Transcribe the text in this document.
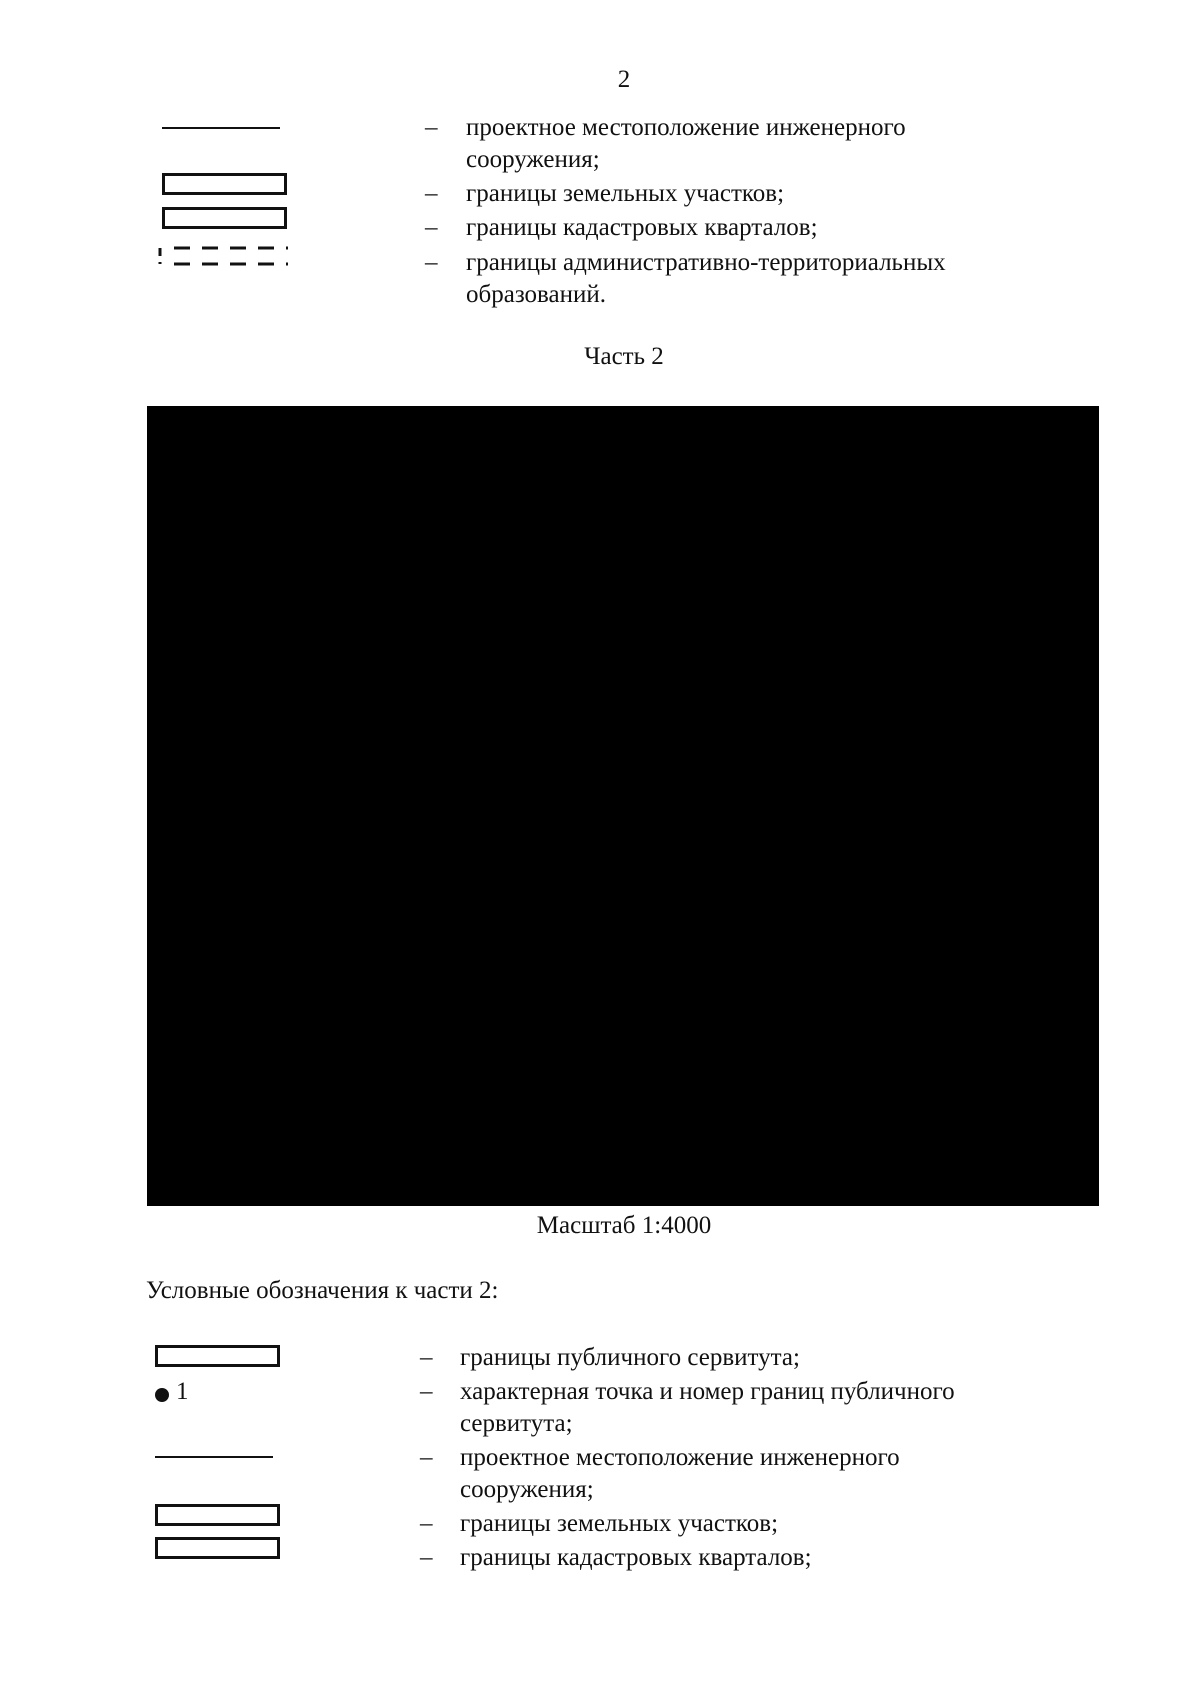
2
– проектное местоположение инженерного
сооружения;
– границы земельных участков;
– границы кадастровых кварталов;
– границы административно-территориальных
образований.
Часть 2
Масштаб 1:4000
Условные обозначения к части 2:
– границы публичного сервитута;
1	– характерная точка и номер границ публичного
сервитута;
– проектное местоположение инженерного
сооружения;
– границы земельных участков;
– границы кадастровых кварталов;
